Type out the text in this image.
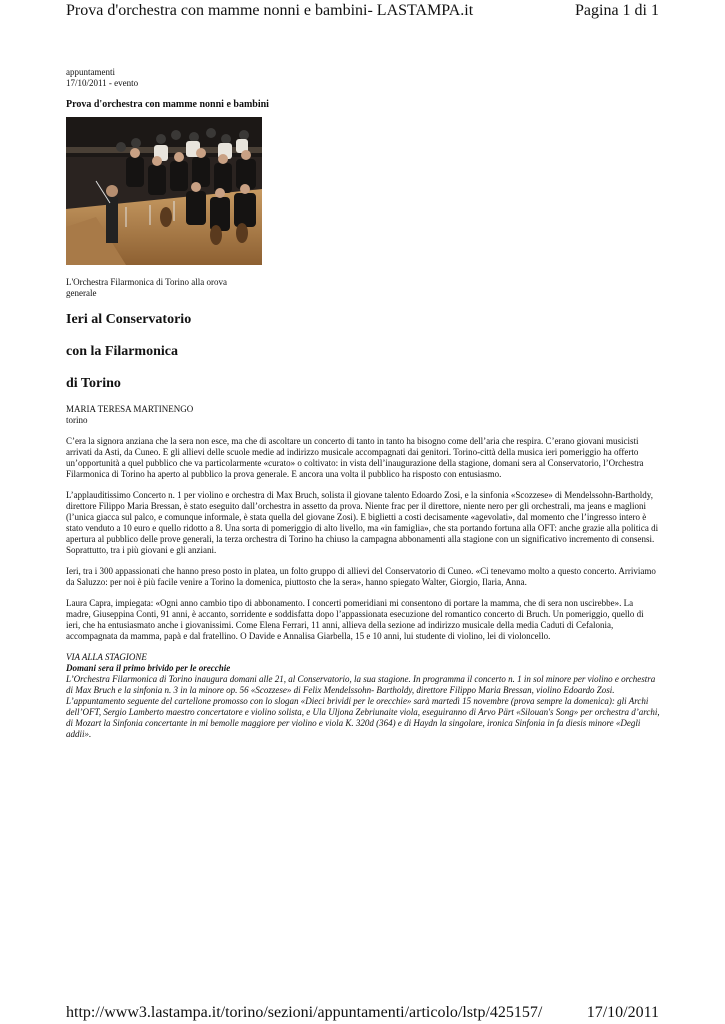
Prova d'orchestra con mamme nonni e bambini- LASTAMPA.it	Pagina 1 di 1
appuntamenti
17/10/2011 - evento
Prova d'orchestra con mamme nonni e bambini
L'Orchestra Filarmonica di Torino alla orova generale
Ieri al Conservatorio
con la Filarmonica
di Torino
MARIA TERESA MARTINENGO
torino

C’era la signora anziana che la sera non esce, ma che di ascoltare un concerto di tanto in tanto ha bisogno come dell’aria che respira. C’erano giovani musicisti arrivati da Asti, da Cuneo. E gli allievi delle scuole medie ad indirizzo musicale accompagnati dai genitori. Torino-città della musica ieri pomeriggio ha offerto un’opportunità a quel pubblico che va particolarmente «curato» o coltivato: in vista dell’inaugurazione della stagione, domani sera al Conservatorio, l’Orchestra Filarmonica di Torino ha aperto al pubblico la prova generale. E ancora una volta il pubblico ha risposto con entusiasmo.

L’applauditissimo Concerto n. 1 per violino e orchestra di Max Bruch, solista il giovane talento Edoardo Zosi, e la sinfonia «Scozzese» di Mendelssohn-Bartholdy, direttore Filippo Maria Bressan, è stato eseguito dall’orchestra in assetto da prova. Niente frac per il direttore, niente nero per gli orchestrali, ma jeans e maglioni (l’unica giacca sul palco, e comunque informale, è stata quella del giovane Zosi). E biglietti a costi decisamente «agevolati», dal momento che l’ingresso intero è stato venduto a 10 euro e quello ridotto a 8. Una sorta di pomeriggio di alto livello, ma «in famiglia», che sta portando fortuna alla OFT: anche grazie alla politica di apertura al pubblico delle prove generali, la terza orchestra di Torino ha chiuso la campagna abbonamenti alla stagione con un significativo incremento di consensi. Soprattutto, tra i più giovani e gli anziani.

Ieri, tra i 300 appassionati che hanno preso posto in platea, un folto gruppo di allievi del Conservatorio di Cuneo. «Ci tenevamo molto a questo concerto. Arriviamo da Saluzzo: per noi è più facile venire a Torino la domenica, piuttosto che la sera», hanno spiegato Walter, Giorgio, Ilaria, Anna.

Laura Capra, impiegata: «Ogni anno cambio tipo di abbonamento. I concerti pomeridiani mi consentono di portare la mamma, che di sera non uscirebbe». La madre, Giuseppina Conti, 91 anni, è accanto, sorridente e soddisfatta dopo l’appassionata esecuzione del romantico concerto di Bruch. Un pomeriggio, quello di ieri, che ha entusiasmato anche i giovanissimi. Come Elena Ferrari, 11 anni, allieva della sezione ad indirizzo musicale della media Caduti di Cefalonia, accompagnata da mamma, papà e dal fratellino. O Davide e Annalisa Giarbella, 15 e 10 anni, lui studente di violino, lei di violoncello.

VIA ALLA STAGIONE
Domani sera il primo brivido per le orecchie
L’Orchestra Filarmonica di Torino inaugura domani alle 21, al Conservatorio, la sua stagione. In programma il concerto n. 1 in sol minore per violino e orchestra di Max Bruch e la sinfonia n. 3 in la minore op. 56 «Scozzese» di Felix Mendelssohn- Bartholdy, direttore Filippo Maria Bressan, violino Edoardo Zosi. L’appuntamento seguente del cartellone promosso con lo slogan «Dieci brividi per le orecchie» sarà martedì 15 novembre (prova sempre la domenica): gli Archi dell’OFT, Sergio Lamberto maestro concertatore e violino solista, e Ula Uljona Zebriunaite viola, eseguiranno di Arvo Pärt «Silouan's Song» per orchestra d’archi, di Mozart la Sinfonia concertante in mi bemolle maggiore per violino e viola K. 320d (364) e di Haydn la singolare, ironica Sinfonia in fa diesis minore «Degli addii».
http://www3.lastampa.it/torino/sezioni/appuntamenti/articolo/lstp/425157/	17/10/2011
